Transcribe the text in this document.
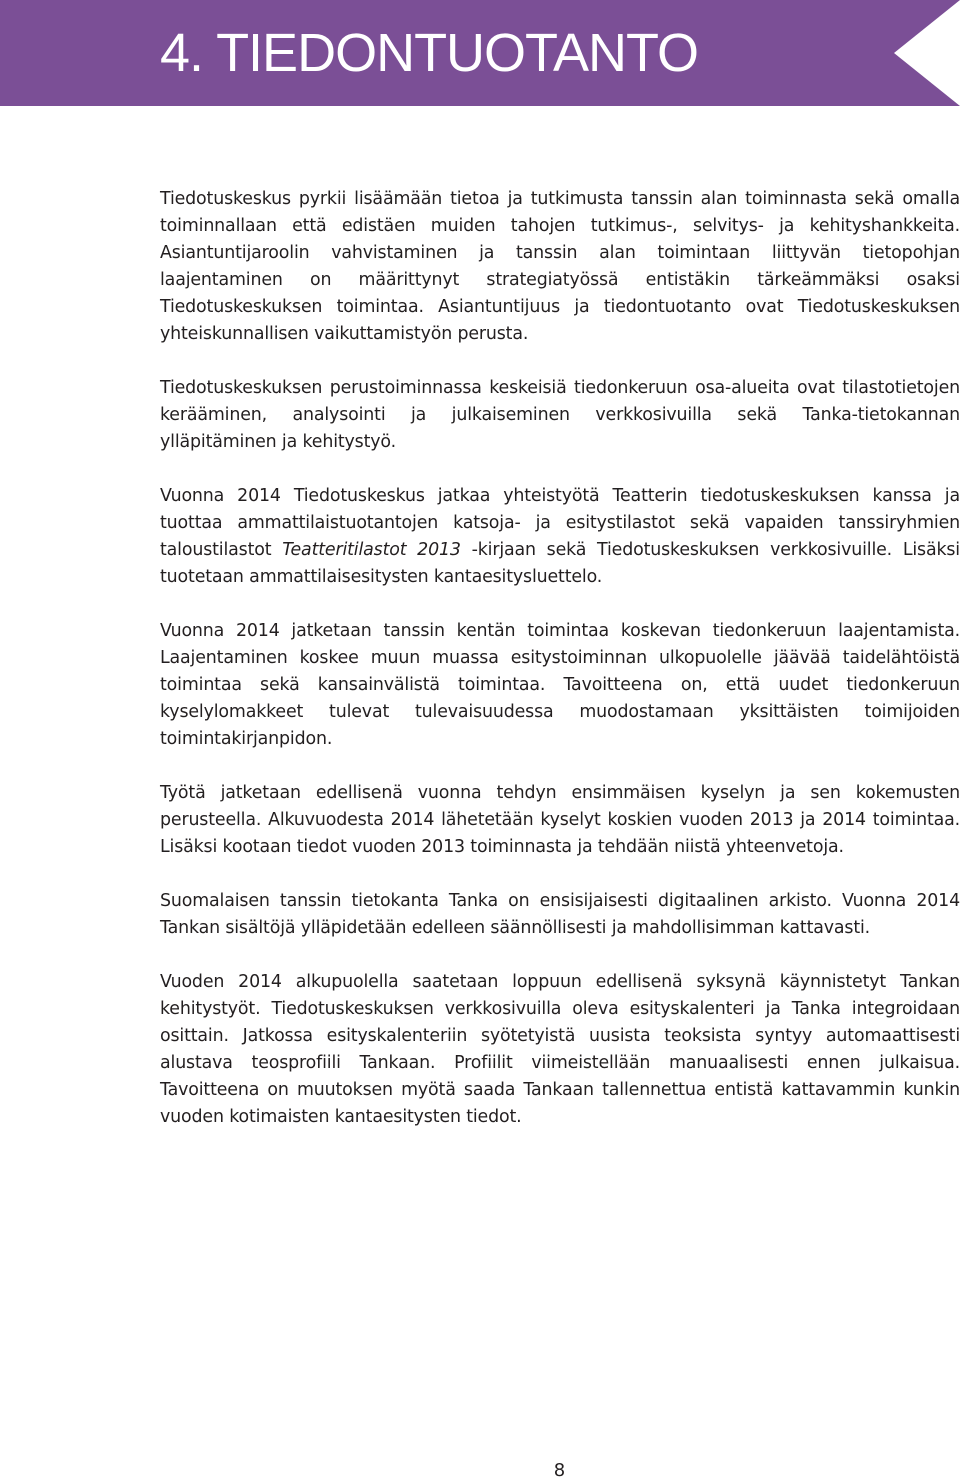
4. TIEDONTUOTANTO

Tiedotuskeskus pyrkii lisäämään tietoa ja tutkimusta tanssin alan toiminnasta sekä omalla toiminnallaan että edistäen muiden tahojen tutkimus-, selvitys- ja kehityshankkeita. Asiantuntijaroolin vahvistaminen ja tanssin alan toimintaan liittyvän tietopohjan laajentaminen on määrittynyt strategiatyössä entistäkin tärkeämmäksi osaksi Tiedotuskeskuksen toimintaa. Asiantuntijuus ja tiedontuotanto ovat Tiedotuskeskuksen yhteiskunnallisen vaikuttamistyön perusta.

Tiedotuskeskuksen perustoiminnassa keskeisiä tiedonkeruun osa-alueita ovat tilastotietojen kerääminen, analysointi ja julkaiseminen verkkosivuilla sekä Tanka-tietokannan ylläpitäminen ja kehitystyö.

Vuonna 2014 Tiedotuskeskus jatkaa yhteistyötä Teatterin tiedotuskeskuksen kanssa ja tuottaa ammattilaistuotantojen katsoja- ja esitystilastot sekä vapaiden tanssiryhmien taloustilastot Teatteritilastot 2013 -kirjaan sekä Tiedotuskeskuksen verkkosivuille. Lisäksi tuotetaan ammattilaisesitysten kantaesitysluettelo.

Vuonna 2014 jatketaan tanssin kentän toimintaa koskevan tiedonkeruun laajentamista. Laajentaminen koskee muun muassa esitystoiminnan ulkopuolelle jäävää taidelähtöistä toimintaa sekä kansainvälistä toimintaa. Tavoitteena on, että uudet tiedonkeruun kyselylomakkeet tulevat tulevaisuudessa muodostamaan yksittäisten toimijoiden toimintakirjanpidon.

Työtä jatketaan edellisenä vuonna tehdyn ensimmäisen kyselyn ja sen kokemusten perusteella. Alkuvuodesta 2014 lähetetään kyselyt koskien vuoden 2013 ja 2014 toimintaa. Lisäksi kootaan tiedot vuoden 2013 toiminnasta ja tehdään niistä yhteenvetoja.

Suomalaisen tanssin tietokanta Tanka on ensisijaisesti digitaalinen arkisto. Vuonna 2014 Tankan sisältöjä ylläpidetään edelleen säännöllisesti ja mahdollisimman kattavasti.

Vuoden 2014 alkupuolella saatetaan loppuun edellisenä syksynä käynnistetyt Tankan kehitystyöt. Tiedotuskeskuksen verkkosivuilla oleva esityskalenteri ja Tanka integroidaan osittain. Jatkossa esityskalenteriin syötetyistä uusista teoksista syntyy automaattisesti alustava teosprofiili Tankaan. Profiilit viimeistellään manuaalisesti ennen julkaisua. Tavoitteena on muutoksen myötä saada Tankaan tallennettua entistä kattavammin kunkin vuoden kotimaisten kantaesitysten tiedot.

8
